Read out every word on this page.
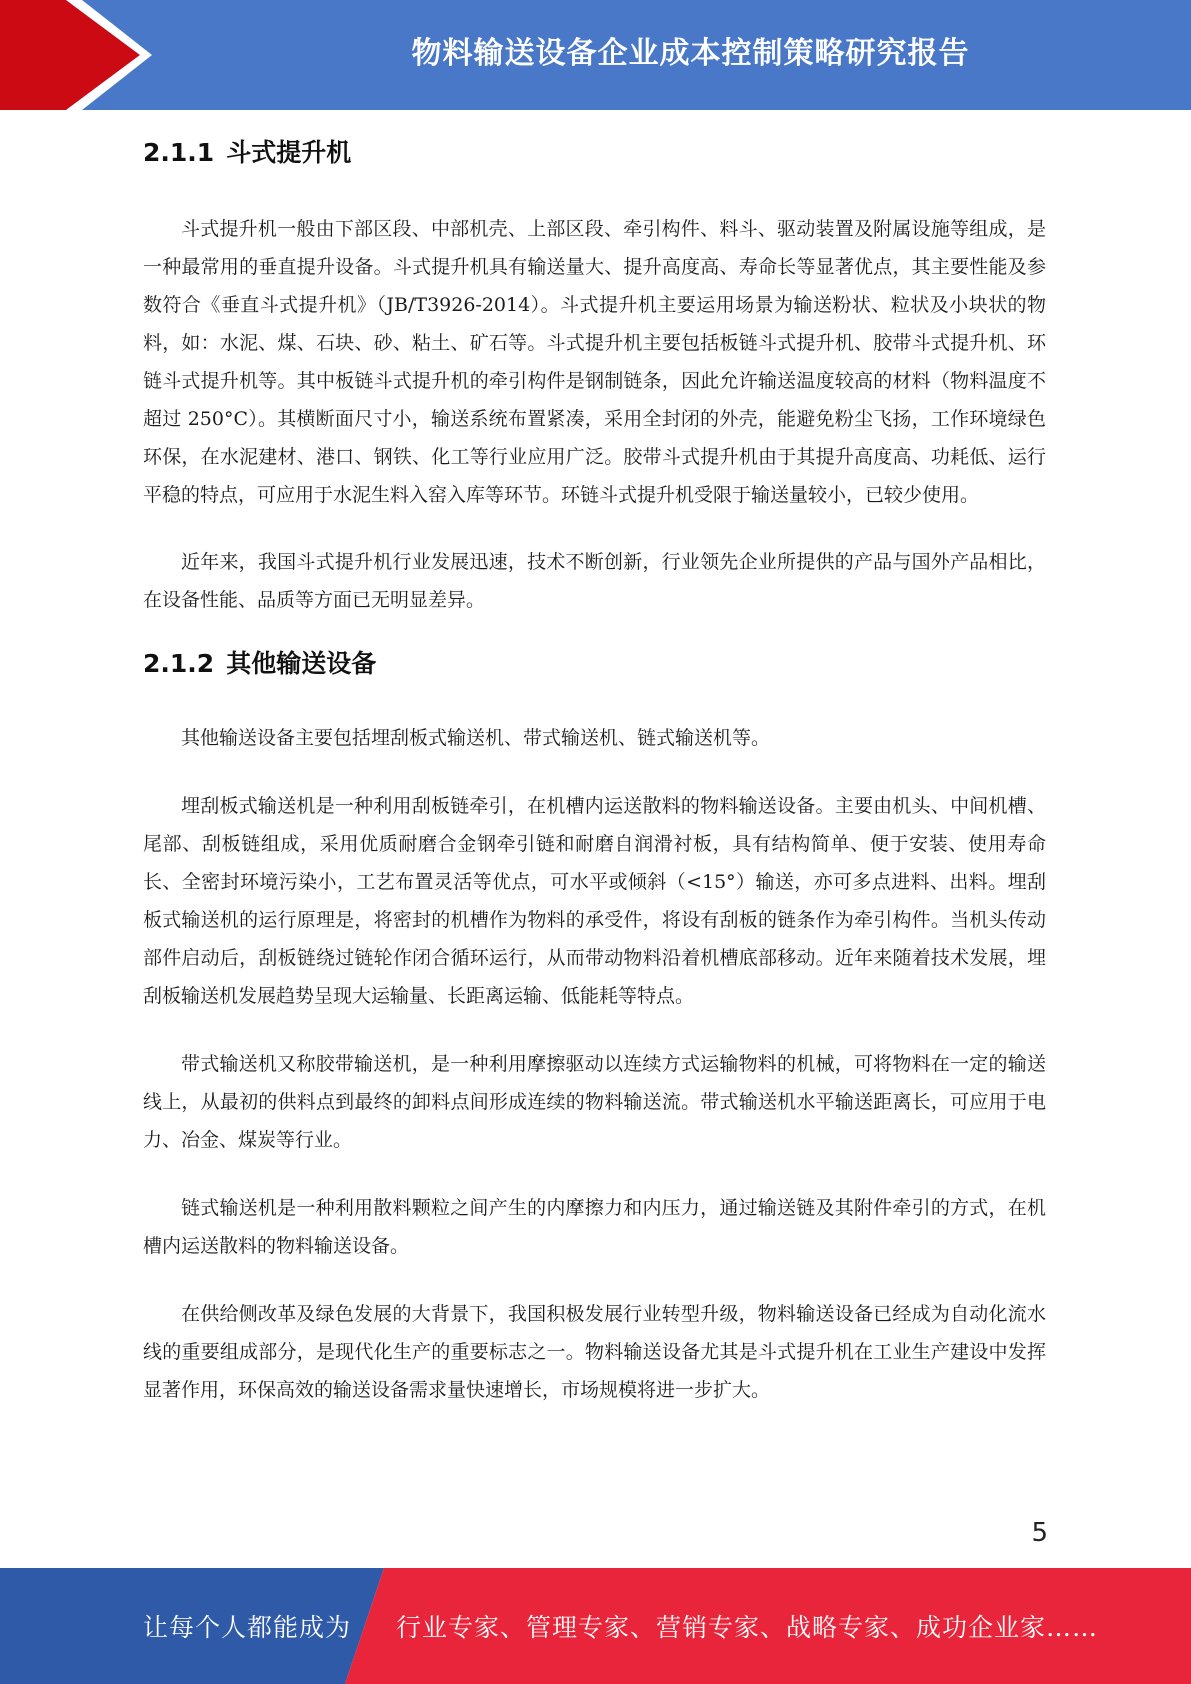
物料输送设备企业成本控制策略研究报告
2.1.1 斗式提升机

斗式提升机一般由下部区段、中部机壳、上部区段、牵引构件、料斗、驱动装置及附属设施等组成，是一种最常用的垂直提升设备。斗式提升机具有输送量大、提升高度高、寿命长等显著优点，其主要性能及参数符合《垂直斗式提升机》（JB/T3926-2014）。斗式提升机主要运用场景为输送粉状、粒状及小块状的物料，如：水泥、煤、石块、砂、粘土、矿石等。斗式提升机主要包括板链斗式提升机、胶带斗式提升机、环链斗式提升机等。其中板链斗式提升机的牵引构件是钢制链条，因此允许输送温度较高的材料（物料温度不超过 250°C）。其横断面尺寸小，输送系统布置紧凑，采用全封闭的外壳，能避免粉尘飞扬，工作环境绿色环保，在水泥建材、港口、钢铁、化工等行业应用广泛。胶带斗式提升机由于其提升高度高、功耗低、运行平稳的特点，可应用于水泥生料入窑入库等环节。环链斗式提升机受限于输送量较小，已较少使用。

近年来，我国斗式提升机行业发展迅速，技术不断创新，行业领先企业所提供的产品与国外产品相比，在设备性能、品质等方面已无明显差异。

2.1.2 其他输送设备

其他输送设备主要包括埋刮板式输送机、带式输送机、链式输送机等。

埋刮板式输送机是一种利用刮板链牵引，在机槽内运送散料的物料输送设备。主要由机头、中间机槽、尾部、刮板链组成，采用优质耐磨合金钢牵引链和耐磨自润滑衬板，具有结构简单、便于安装、使用寿命长、全密封环境污染小，工艺布置灵活等优点，可水平或倾斜（<15°）输送，亦可多点进料、出料。埋刮板式输送机的运行原理是，将密封的机槽作为物料的承受件，将设有刮板的链条作为牵引构件。当机头传动部件启动后，刮板链绕过链轮作闭合循环运行，从而带动物料沿着机槽底部移动。近年来随着技术发展，埋刮板输送机发展趋势呈现大运输量、长距离运输、低能耗等特点。

带式输送机又称胶带输送机，是一种利用摩擦驱动以连续方式运输物料的机械，可将物料在一定的输送线上，从最初的供料点到最终的卸料点间形成连续的物料输送流。带式输送机水平输送距离长，可应用于电力、冶金、煤炭等行业。

链式输送机是一种利用散料颗粒之间产生的内摩擦力和内压力，通过输送链及其附件牵引的方式，在机槽内运送散料的物料输送设备。

在供给侧改革及绿色发展的大背景下，我国积极发展行业转型升级，物料输送设备已经成为自动化流水线的重要组成部分，是现代化生产的重要标志之一。物料输送设备尤其是斗式提升机在工业生产建设中发挥显著作用，环保高效的输送设备需求量快速增长，市场规模将进一步扩大。

5
让每个人都能成为 行业专家、管理专家、营销专家、战略专家、成功企业家……
